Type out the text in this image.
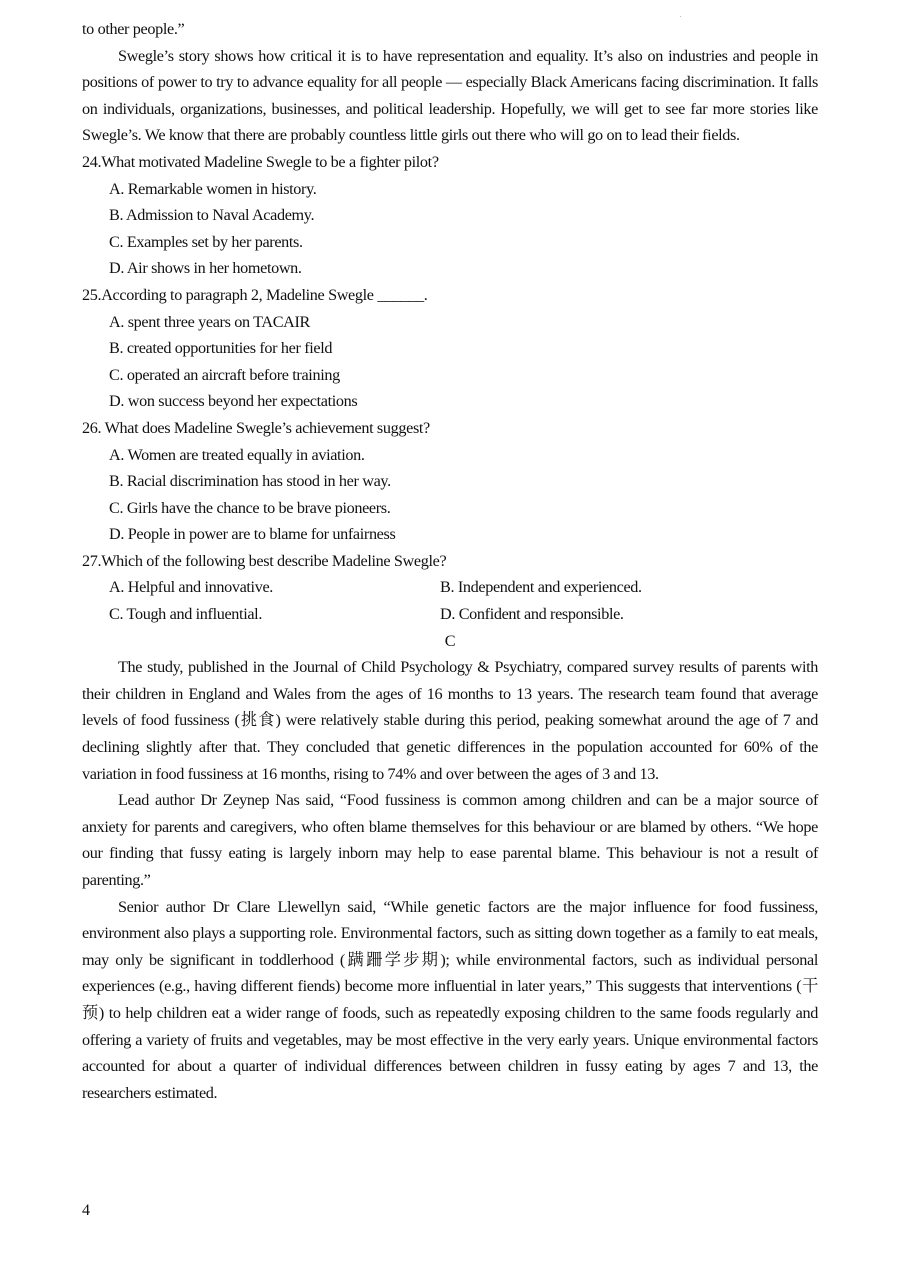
to other people.”
Swegle’s story shows how critical it is to have representation and equality. It’s also on industries and people in positions of power to try to advance equality for all people — especially Black Americans facing discrimination. It falls on individuals, organizations, businesses, and political leadership. Hopefully, we will get to see far more stories like Swegle’s. We know that there are probably countless little girls out there who will go on to lead their fields.
24.What motivated Madeline Swegle to be a fighter pilot?
A. Remarkable women in history.
B. Admission to Naval Academy.
C. Examples set by her parents.
D. Air shows in her hometown.
25.According to paragraph 2, Madeline Swegle ______.
A. spent three years on TACAIR
B. created opportunities for her field
C. operated an aircraft before training
D. won success beyond her expectations
26. What does Madeline Swegle’s achievement suggest?
A. Women are treated equally in aviation.
B. Racial discrimination has stood in her way.
C. Girls have the chance to be brave pioneers.
D. People in power are to blame for unfairness
27.Which of the following best describe Madeline Swegle?
A. Helpful and innovative.	B. Independent and experienced.
C. Tough and influential.	D. Confident and responsible.
C
The study, published in the Journal of Child Psychology & Psychiatry, compared survey results of parents with their children in England and Wales from the ages of 16 months to 13 years. The research team found that average levels of food fussiness (挑食) were relatively stable during this period, peaking somewhat around the age of 7 and declining slightly after that. They concluded that genetic differences in the population accounted for 60% of the variation in food fussiness at 16 months, rising to 74% and over between the ages of 3 and 13.
Lead author Dr Zeynep Nas said, “Food fussiness is common among children and can be a major source of anxiety for parents and caregivers, who often blame themselves for this behaviour or are blamed by others. “We hope our finding that fussy eating is largely inborn may help to ease parental blame. This behaviour is not a result of parenting.”
Senior author Dr Clare Llewellyn said, “While genetic factors are the major influence for food fussiness, environment also plays a supporting role. Environmental factors, such as sitting down together as a family to eat meals, may only be significant in toddlerhood (蹒跚学步期); while environmental factors, such as individual personal experiences (e.g., having different fiends) become more influential in later years,” This suggests that interventions (干预) to help children eat a wider range of foods, such as repeatedly exposing children to the same foods regularly and offering a variety of fruits and vegetables, may be most effective in the very early years. Unique environmental factors accounted for about a quarter of individual differences between children in fussy eating by ages 7 and 13, the researchers estimated.
4
